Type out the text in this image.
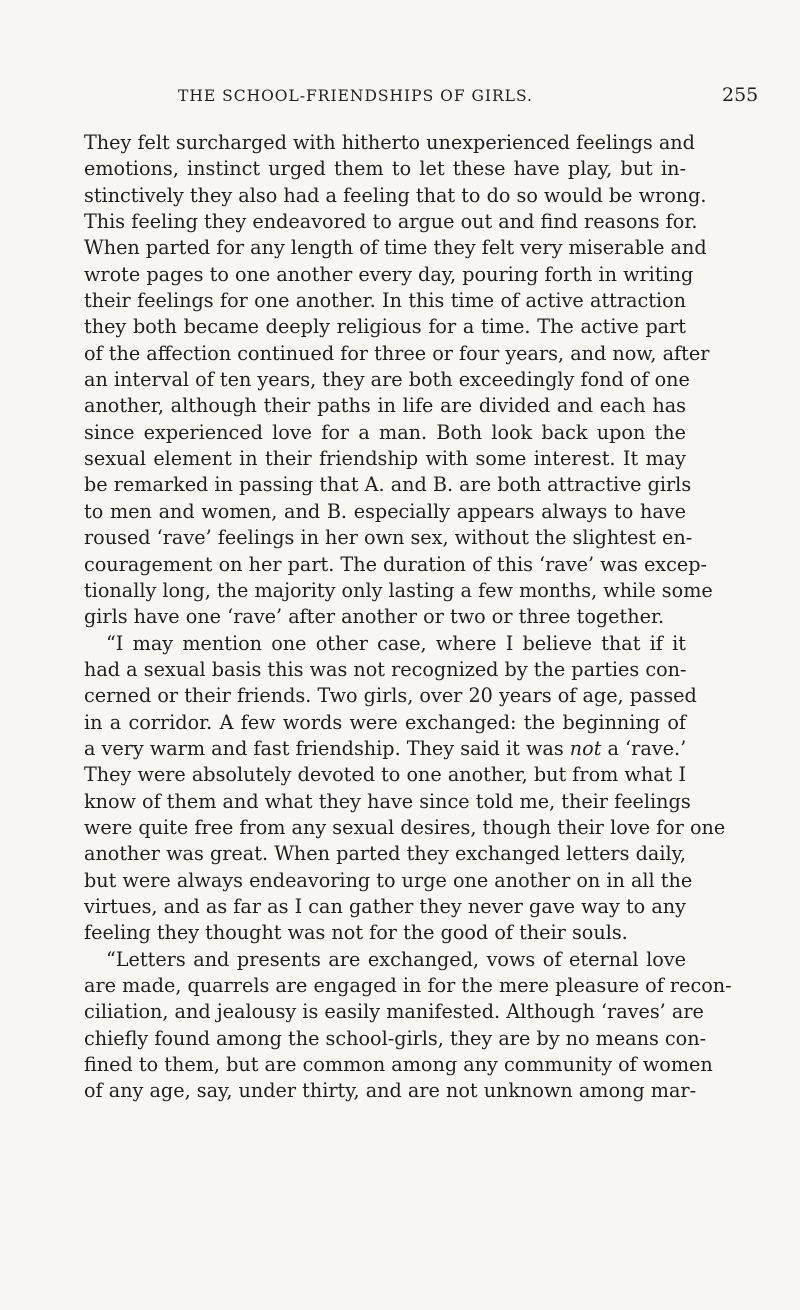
THE SCHOOL-FRIENDSHIPS OF GIRLS.	255
They felt surcharged with hitherto unexperienced feelings and
emotions, instinct urged them to let these have play, but in-
stinctively they also had a feeling that to do so would be wrong.
This feeling they endeavored to argue out and find reasons for.
When parted for any length of time they felt very miserable and
wrote pages to one another every day, pouring forth in writing
their feelings for one another. In this time of active attraction
they both became deeply religious for a time. The active part
of the affection continued for three or four years, and now, after
an interval of ten years, they are both exceedingly fond of one
another, although their paths in life are divided and each has
since experienced love for a man. Both look back upon the
sexual element in their friendship with some interest. It may
be remarked in passing that A. and B. are both attractive girls
to men and women, and B. especially appears always to have
roused ‘rave’ feelings in her own sex, without the slightest en-
couragement on her part. The duration of this ‘rave’ was excep-
tionally long, the majority only lasting a few months, while some
girls have one ‘rave’ after another or two or three together.
“I may mention one other case, where I believe that if it
had a sexual basis this was not recognized by the parties con-
cerned or their friends. Two girls, over 20 years of age, passed
in a corridor. A few words were exchanged: the beginning of
a very warm and fast friendship. They said it was not a ‘rave.’
They were absolutely devoted to one another, but from what I
know of them and what they have since told me, their feelings
were quite free from any sexual desires, though their love for one
another was great. When parted they exchanged letters daily,
but were always endeavoring to urge one another on in all the
virtues, and as far as I can gather they never gave way to any
feeling they thought was not for the good of their souls.
“Letters and presents are exchanged, vows of eternal love
are made, quarrels are engaged in for the mere pleasure of recon-
ciliation, and jealousy is easily manifested. Although ‘raves’ are
chiefly found among the school-girls, they are by no means con-
fined to them, but are common among any community of women
of any age, say, under thirty, and are not unknown among mar-
